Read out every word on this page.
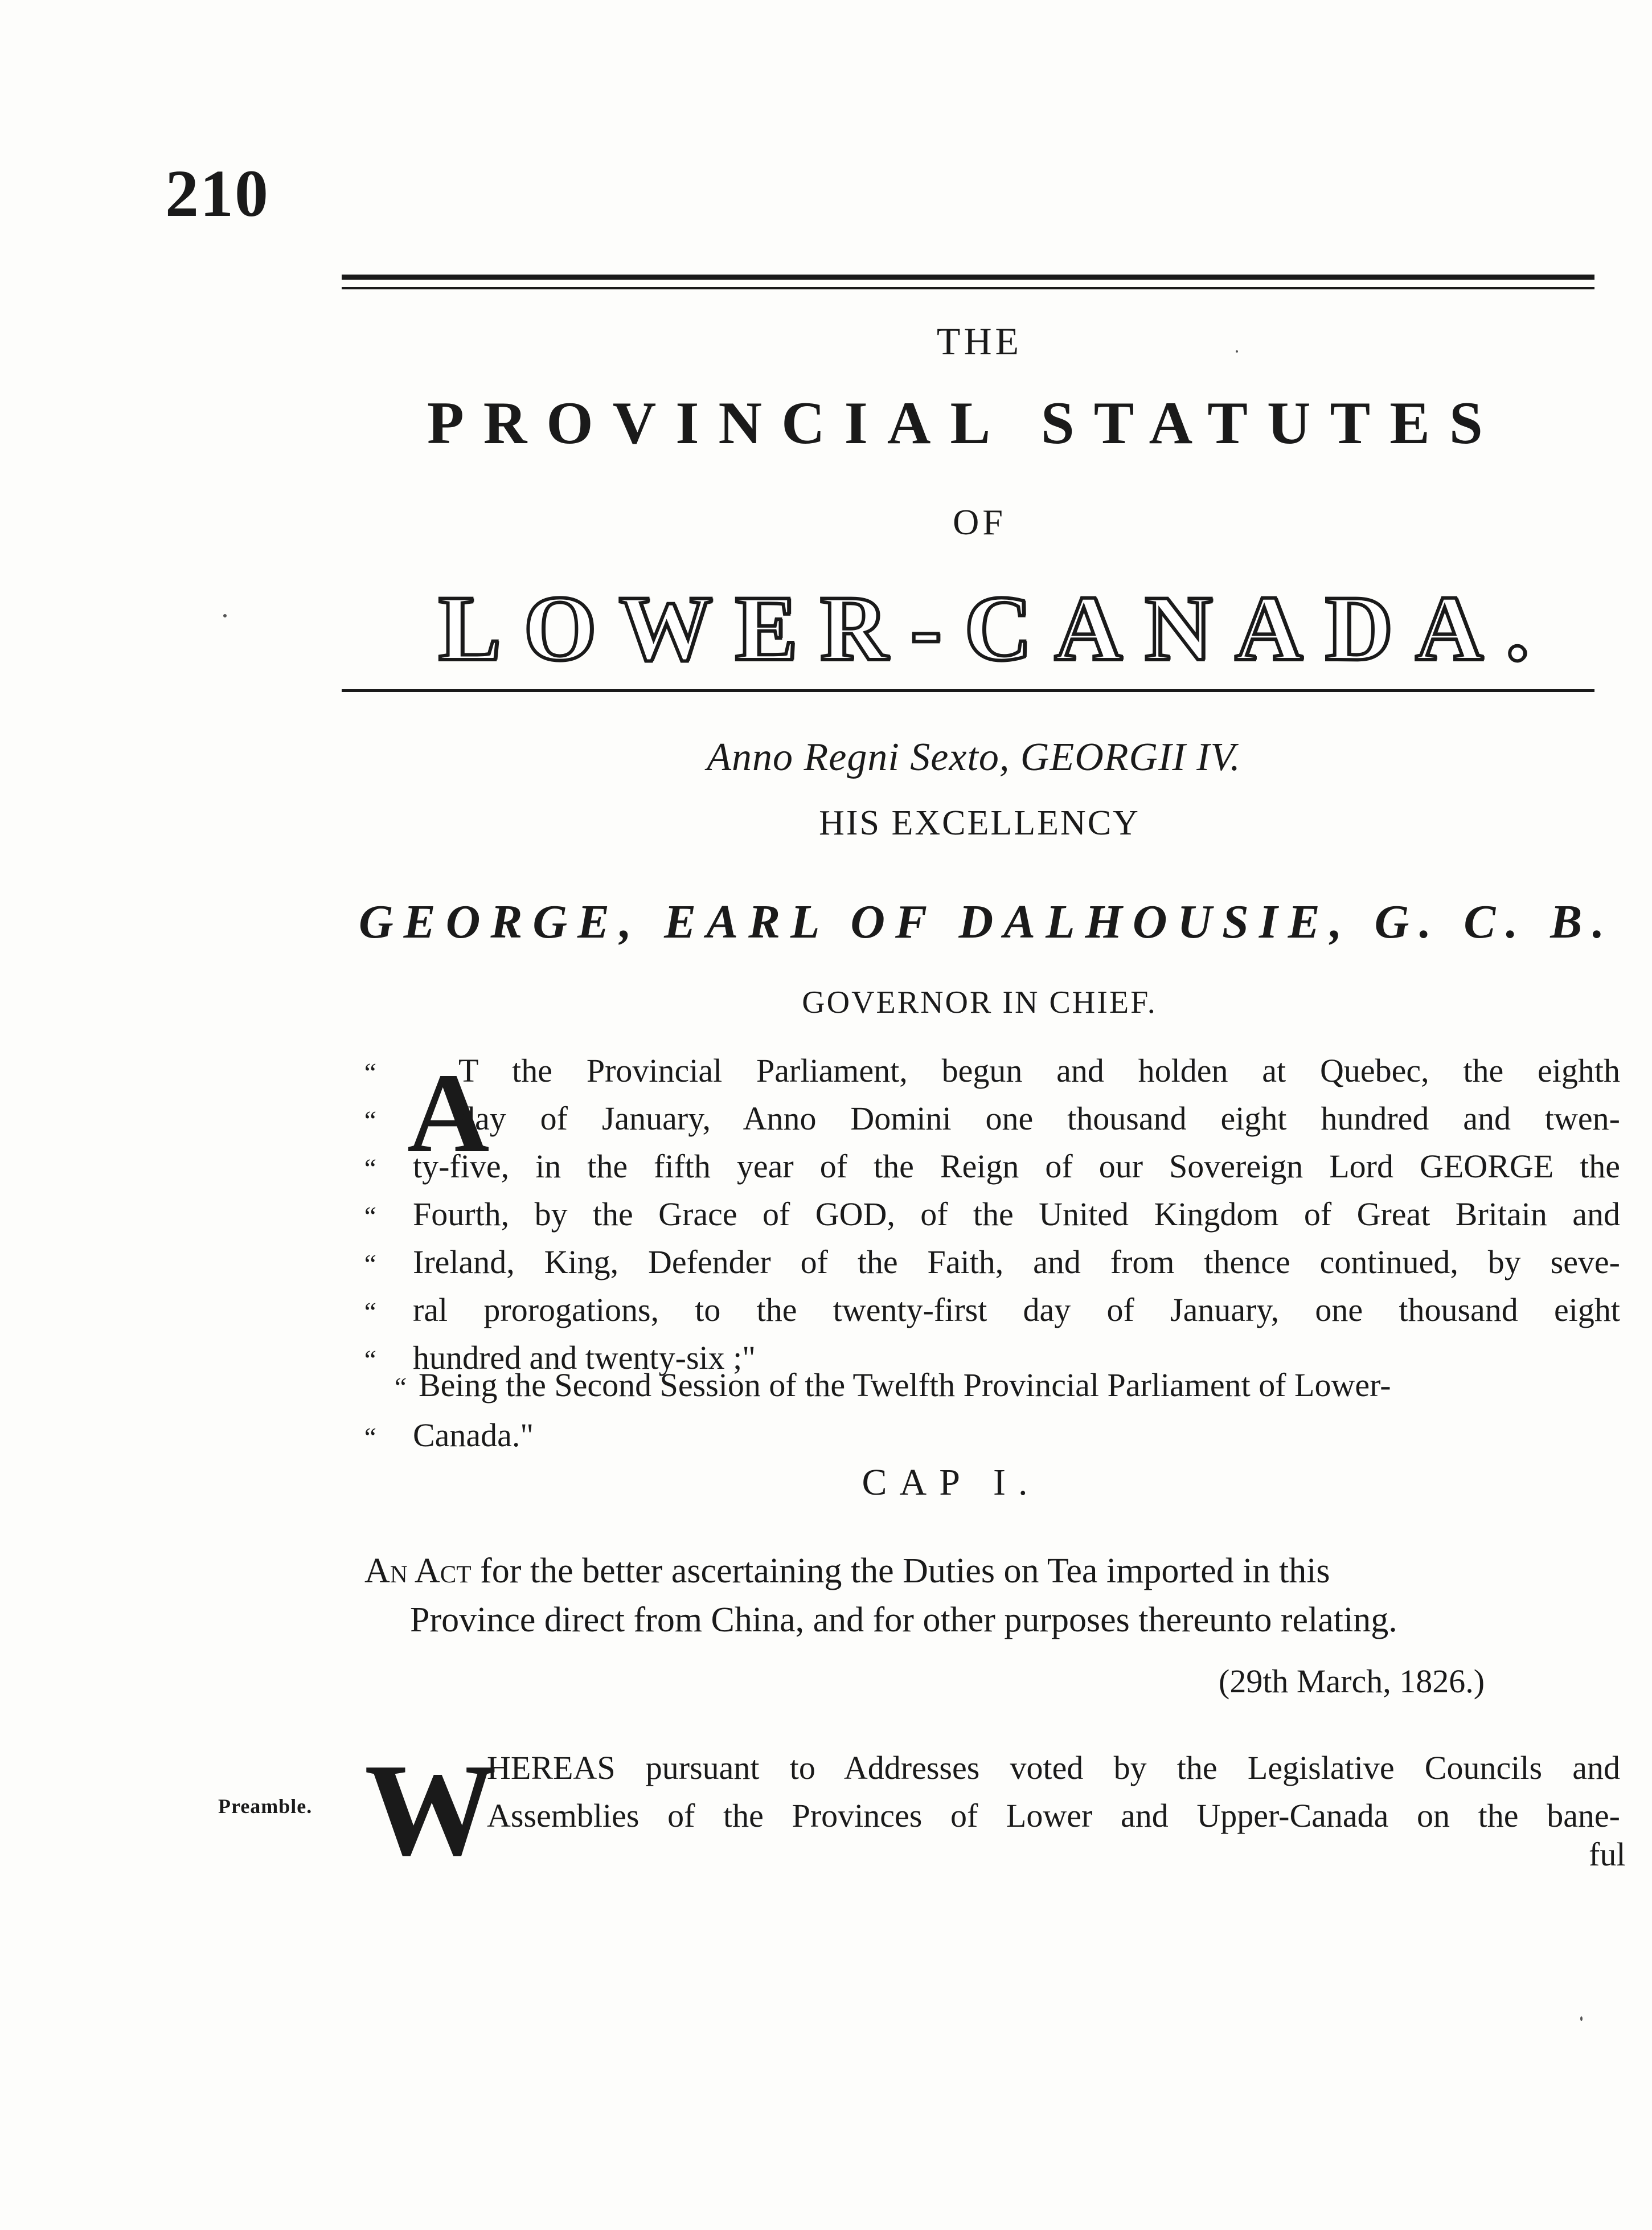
210
THE
PROVINCIAL STATUTES
OF
LOWER-CANADA.
Anno Regni Sexto, GEORGII IV.
HIS EXCELLENCY
GEORGE, EARL OF DALHOUSIE, G. C. B.
GOVERNOR IN CHIEF.
A
“ T the Provincial Parliament, begun and holden at Quebec, the eighth
“ day of January, Anno Domini one thousand eight hundred and twen-
“ ty-five, in the fifth year of the Reign of our Sovereign Lord GEORGE the
“ Fourth, by the Grace of GOD, of the United Kingdom of Great Britain and
“ Ireland, King, Defender of the Faith, and from thence continued, by seve-
“ ral prorogations, to the twenty-first day of January, one thousand eight
“ hundred and twenty-six ;"
“ Being the Second Session of the Twelfth Provincial Parliament of Lower-
“ Canada."
CAP I.
An Act for the better ascertaining the Duties on Tea imported in this
Province direct from China, and for other purposes thereunto relating.
(29th March, 1826.)
Preamble. W
HEREAS pursuant to Addresses voted by the Legislative Councils and
Assemblies of the Provinces of Lower and Upper-Canada on the bane-
ful
